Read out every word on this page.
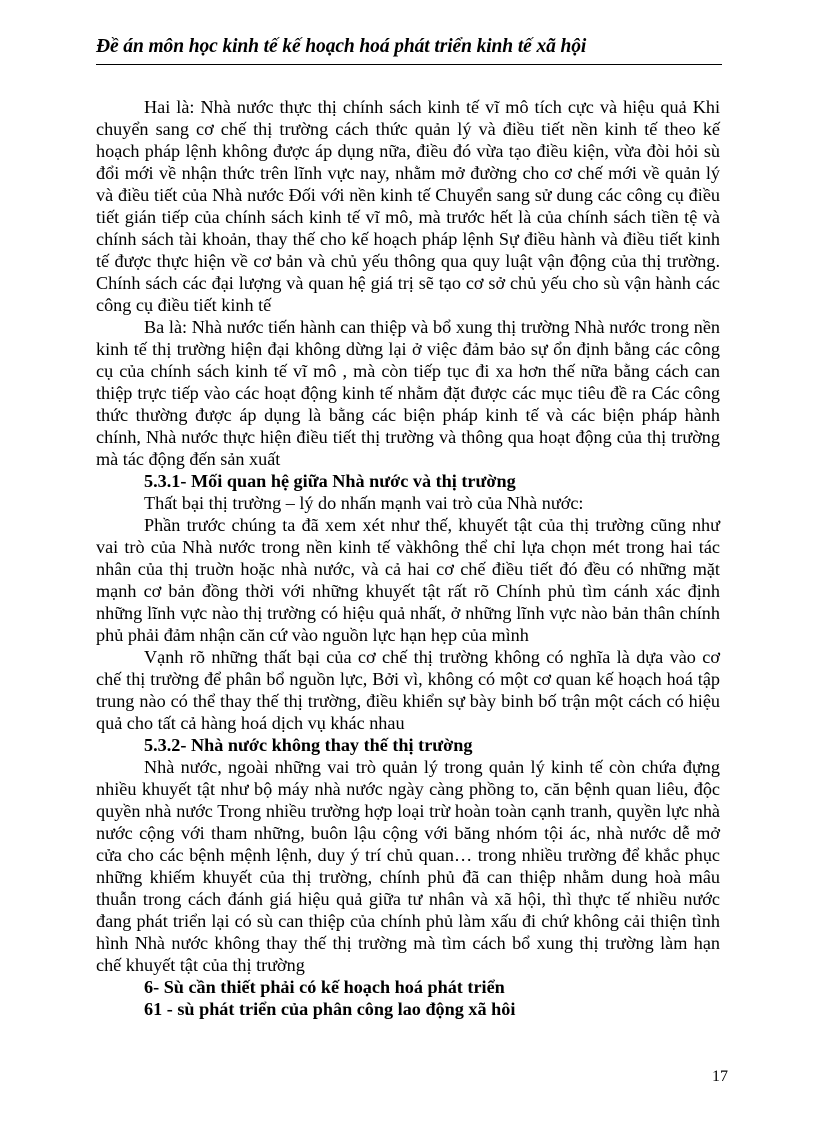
Đề án môn học kinh tế kế hoạch hoá phát triển kinh tế xã hội

Hai là: Nhà nước thực thị chính sách kinh tế vĩ mô tích cực và hiệu quả Khi chuyển sang cơ chế thị trường cách thức quản lý và điều tiết nền kinh tế theo kế hoạch pháp lệnh không được áp dụng nữa, điều đó vừa tạo điều kiện, vừa đòi hỏi sù đổi mới về nhận thức trên lĩnh vực nay, nhằm mở đường cho cơ chế mới về quản lý và điều tiết của Nhà nước Đối với nền kinh tế Chuyển sang sử dung các công cụ điều tiết gián tiếp của chính sách kinh tế vĩ mô, mà trước hết là của chính sách tiền tệ và chính sách tài khoản, thay thế cho kế hoạch pháp lệnh Sự điều hành và điều tiết kinh tế được thực hiện về cơ bản và chủ yếu thông qua quy luật vận động của thị trường. Chính sách các đại lượng và quan hệ giá trị sẽ tạo cơ sở chủ yếu cho sù vận hành các công cụ điều tiết kinh tế

Ba là: Nhà nước tiến hành can thiệp và bổ xung thị trường Nhà nước trong nền kinh tế thị trường hiện đại không dừng lại ở việc đảm bảo sự ổn định bằng các công cụ của chính sách kinh tế vĩ mô , mà còn tiếp tục đi xa hơn thế nữa bằng cách can thiệp trực tiếp vào các hoạt động kinh tế nhằm đặt được các mục tiêu đề ra Các công thức thường được áp dụng là bằng các biện pháp kinh tế và các biện pháp hành chính, Nhà nước thực hiện điều tiết thị trường và thông qua hoạt động của thị trường mà tác động đến sản xuất

5.3.1- Mối quan hệ giữa Nhà nước và thị trường

Thất bại thị trường – lý do nhấn mạnh vai trò của Nhà nước:

Phần trước chúng ta đã xem xét như thế, khuyết tật của thị trường cũng như vai trò của Nhà nước trong nền kinh tế vàkhông thể chỉ lựa chọn mét trong hai tác nhân của thị truờn hoặc nhà nước, và cả hai cơ chế điều tiết đó đều có những mặt mạnh cơ bản đồng thời với những khuyết tật rất rõ Chính phủ tìm cánh xác định những lĩnh vực nào thị trường có hiệu quả nhất, ở những lĩnh vực nào bản thân chính phủ phải đảm nhận căn cứ vào nguồn lực hạn hẹp của mình

Vạnh rõ những thất bại của cơ chế thị trường không có nghĩa là dựa vào cơ chế thị trường để phân bổ nguồn lực, Bởi vì, không có một cơ quan kế hoạch hoá tập trung nào có thể thay thế thị trường, điều khiển sự bày binh bố trận một cách có hiệu quả cho tất cả hàng hoá dịch vụ khác nhau

5.3.2- Nhà nước không thay thế thị trường

Nhà nước, ngoài những vai trò quản lý trong quản lý kinh tế còn chứa đựng nhiều khuyết tật như bộ máy nhà nước ngày càng phồng to, căn bệnh quan liêu, độc quyền nhà nước Trong nhiều trường hợp loại trừ hoàn toàn cạnh tranh, quyền lực nhà nước cộng với tham những, buôn lậu cộng với băng nhóm tội ác, nhà nước dễ mở cửa cho các bệnh mệnh lệnh, duy ý trí chủ quan… trong nhiều trường để khắc phục những khiếm khuyết của thị trường, chính phủ đã can thiệp nhằm dung hoà mâu thuẫn trong cách đánh giá hiệu quả giữa tư nhân và xã hội, thì thực tế nhiều nước đang phát triển lại có sù can thiệp của chính phủ làm xấu đi chứ không cải thiện tình hình Nhà nước không thay thế thị trường mà tìm cách bổ xung thị trường làm hạn chế khuyết tật của thị trường

6- Sù cần thiết phải có kế hoạch hoá phát triển
61 - sù phát triển của phân công lao động xã hôi
17
